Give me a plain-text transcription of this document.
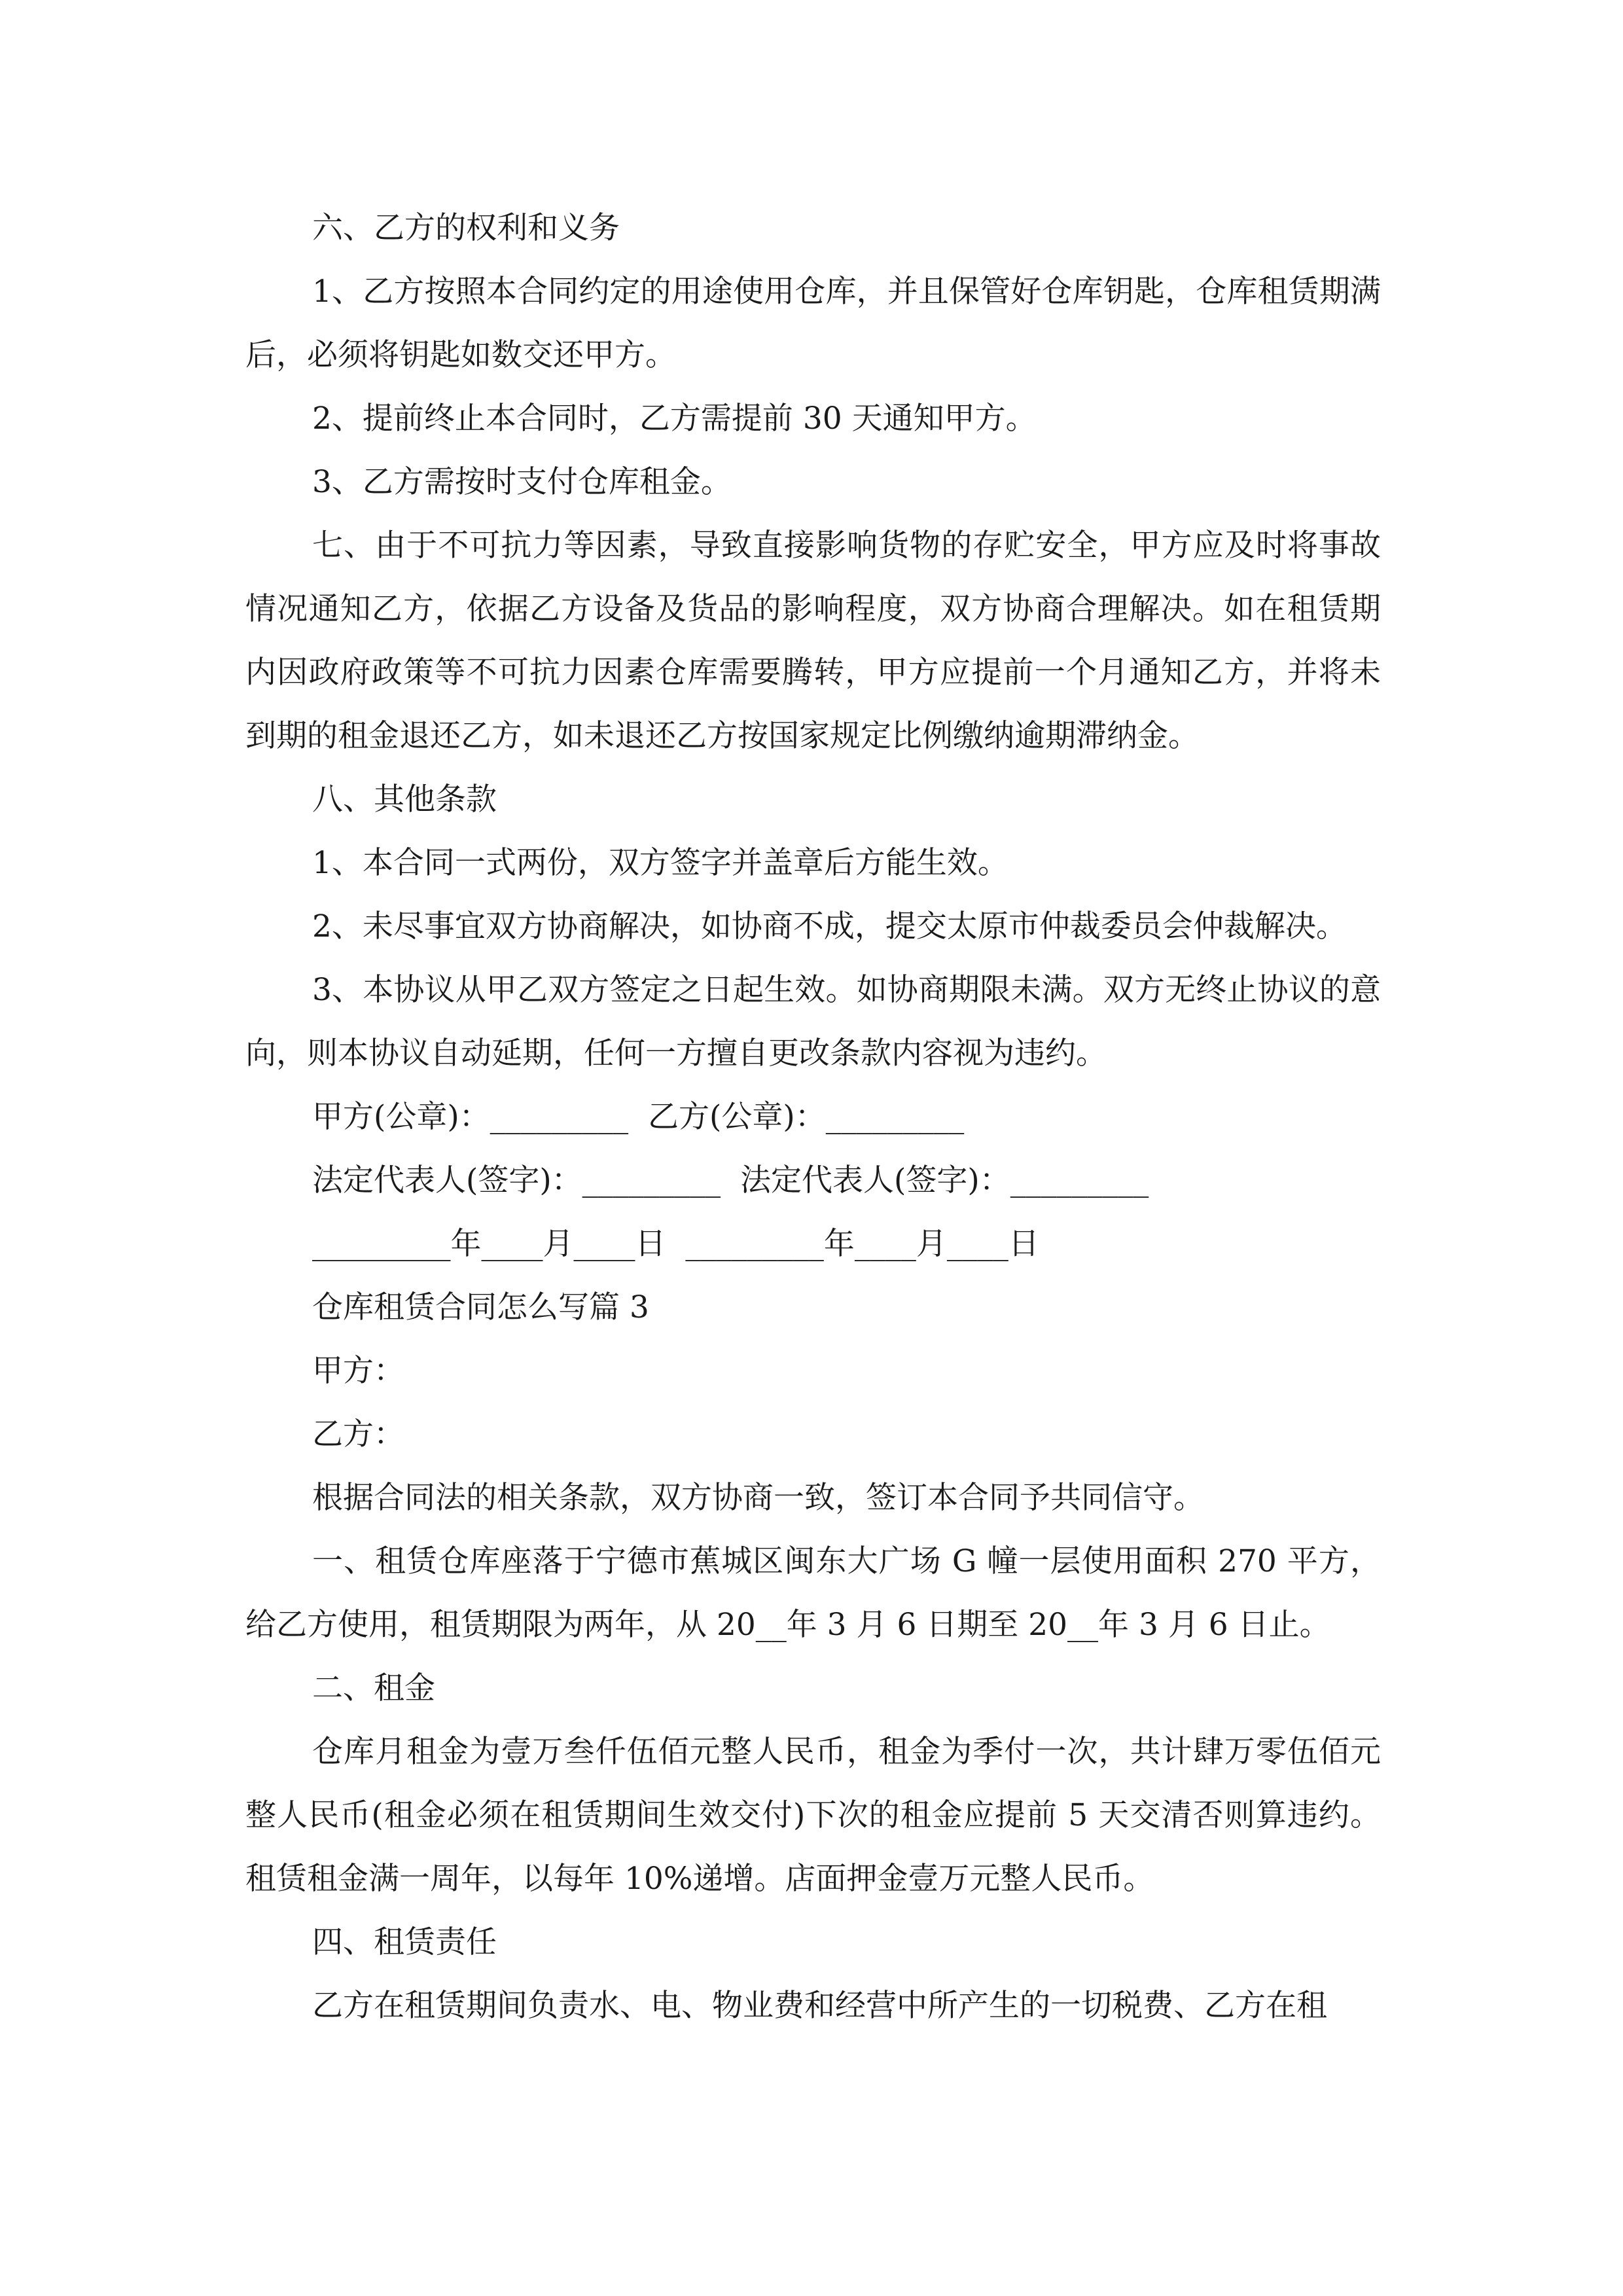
六、乙方的权利和义务

1、乙方按照本合同约定的用途使用仓库，并且保管好仓库钥匙，仓库租赁期满后，必须将钥匙如数交还甲方。

2、提前终止本合同时，乙方需提前 30 天通知甲方。

3、乙方需按时支付仓库租金。

七、由于不可抗力等因素，导致直接影响货物的存贮安全，甲方应及时将事故情况通知乙方，依据乙方设备及货品的影响程度，双方协商合理解决。如在租赁期内因政府政策等不可抗力因素仓库需要腾转，甲方应提前一个月通知乙方，并将未到期的租金退还乙方，如未退还乙方按国家规定比例缴纳逾期滞纳金。

八、其他条款

1、本合同一式两份，双方签字并盖章后方能生效。

2、未尽事宜双方协商解决，如协商不成，提交太原市仲裁委员会仲裁解决。

3、本协议从甲乙双方签定之日起生效。如协商期限未满。双方无终止协议的意向，则本协议自动延期，任何一方擅自更改条款内容视为违约。

甲方(公章)：_________  乙方(公章)：_________

法定代表人(签字)：_________  法定代表人(签字)：_________

_________年____月____日  _________年____月____日

仓库租赁合同怎么写篇 3

甲方：

乙方：

根据合同法的相关条款，双方协商一致，签订本合同予共同信守。

一、租赁仓库座落于宁德市蕉城区闽东大广场 G 幢一层使用面积 270 平方，给乙方使用，租赁期限为两年，从 20__年 3 月 6 日期至 20__年 3 月 6 日止。

二、租金

仓库月租金为壹万叁仟伍佰元整人民币，租金为季付一次，共计肆万零伍佰元整人民币(租金必须在租赁期间生效交付)下次的租金应提前 5 天交清否则算违约。租赁租金满一周年，以每年 10%递增。店面押金壹万元整人民币。

四、租赁责任

乙方在租赁期间负责水、电、物业费和经营中所产生的一切税费、乙方在租
